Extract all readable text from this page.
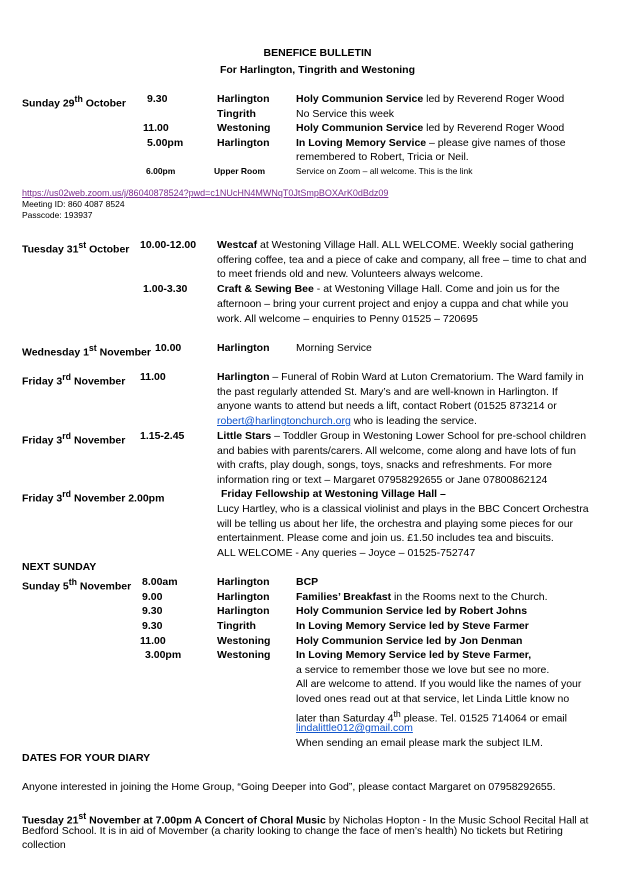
BENEFICE BULLETIN
For Harlington, Tingrith and Westoning
Sunday 29th October 9.30	Harlington	Holy Communion Service led by Reverend Roger Wood
Tingrith	No Service this week
11.00	Westoning Holy Communion Service led by Reverend Roger Wood
5.00pm	Harlington	In Loving Memory Service – please give names of those
remembered to Robert, Tricia or Neil.
6.00pm	Upper Room	Service on Zoom – all welcome. This is the link
https://us02web.zoom.us/j/86040878524?pwd=c1NUcHN4MWNqT0JtSmpBOXArK0dBdz09
Meeting ID: 860 4087 8524
Passcode: 193937
Tuesday 31st October 10.00-12.00 Westcaf at Westoning Village Hall. ALL WELCOME. Weekly social gathering
offering coffee, tea and a piece of cake and company, all free – time to chat and
to meet friends old and new. Volunteers always welcome.
1.00-3.30	Craft & Sewing Bee - at Westoning Village Hall. Come and join us for the
afternoon – bring your current project and enjoy a cuppa and chat while you
work. All welcome – enquiries to Penny 01525 – 720695
Wednesday 1st November 10.00	Harlington	Morning Service
Friday 3rd November 11.00	Harlington – Funeral of Robin Ward at Luton Crematorium. The Ward family in
the past regularly attended St. Mary’s and are well-known in Harlington. If
anyone wants to attend but needs a lift, contact Robert (01525 873214 or
robert@harlingtonchurch.org who is leading the service.
Friday 3rd November 1.15-2.45	Little Stars – Toddler Group in Westoning Lower School for pre-school children
and babies with parents/carers. All welcome, come along and have lots of fun
with crafts, play dough, songs, toys, snacks and refreshments. For more
information ring or text – Margaret 07958292655 or Jane 07800862124
Friday 3rd November 2.00pm	Friday Fellowship at Westoning Village Hall –
Lucy Hartley, who is a classical violinist and plays in the BBC Concert Orchestra
will be telling us about her life, the orchestra and playing some pieces for our
entertainment. Please come and join us. £1.50 includes tea and biscuits.
ALL WELCOME - Any queries – Joyce – 01525-752747
NEXT SUNDAY
Sunday 5th November 8.00am	Harlington	BCP
9.00	Harlington	Families’ Breakfast in the Rooms next to the Church.
9.30	Harlington	Holy Communion Service led by Robert Johns
9.30	Tingrith	In Loving Memory Service led by Steve Farmer
11.00	Westoning Holy Communion Service led by Jon Denman
3.00pm	Westoning In Loving Memory Service led by Steve Farmer,
a service to remember those we love but see no more.
All are welcome to attend. If you would like the names of your
loved ones read out at that service, let Linda Little know no
later than Saturday 4th please. Tel. 01525 714064 or email
lindalittle012@gmail.com
When sending an email please mark the subject ILM.
DATES FOR YOUR DIARY
Anyone interested in joining the Home Group, “Going Deeper into God”, please contact Margaret on 07958292655.
Tuesday 21st November at 7.00pm A Concert of Choral Music by Nicholas Hopton - In the Music School Recital Hall at
Bedford School. It is in aid of Movember (a charity looking to change the face of men’s health) No tickets but Retiring
collection
